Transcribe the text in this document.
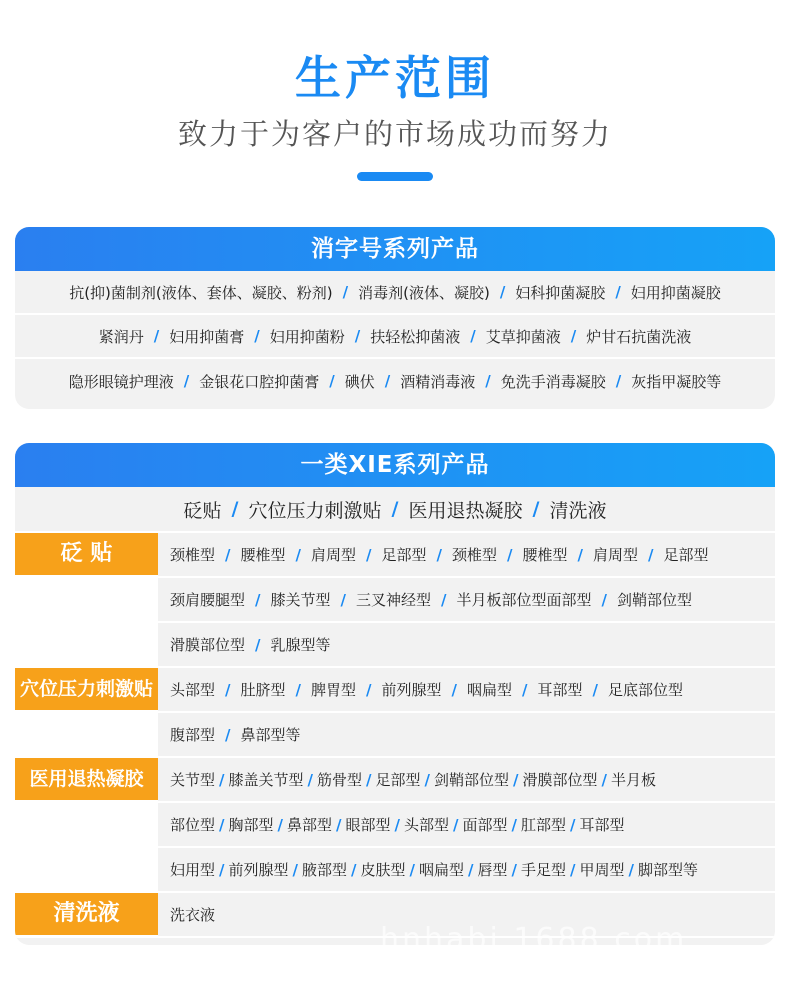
生产范围
致力于为客户的市场成功而努力
消字号系列产品
抗(抑)菌制剂(液体、套体、凝胶、粉剂) / 消毒剂(液体、凝胶) / 妇科抑菌凝胶 / 妇用抑菌凝胶
紧润丹 / 妇用抑菌膏 / 妇用抑菌粉 / 扶轻松抑菌液 / 艾草抑菌液 / 炉甘石抗菌洗液
隐形眼镜护理液 / 金银花口腔抑菌膏 / 碘伏 / 酒精消毒液 / 免洗手消毒凝胶 / 灰指甲凝胶等
一类XIE系列产品
砭贴 / 穴位压力刺激贴 / 医用退热凝胶 / 清洗液
砭 贴	颈椎型 / 腰椎型 / 肩周型 / 足部型 / 颈椎型 / 腰椎型 / 肩周型 / 足部型
颈肩腰腿型 / 膝关节型 / 三叉神经型 / 半月板部位型面部型 / 剑鞘部位型
滑膜部位型 / 乳腺型等
穴位压力刺激贴	头部型 / 肚脐型 / 脾胃型 / 前列腺型 / 咽扁型 / 耳部型 / 足底部位型
腹部型 / 鼻部型等
医用退热凝胶	关节型 / 膝盖关节型 / 筋骨型 / 足部型 / 剑鞘部位型 / 滑膜部位型 / 半月板
部位型 / 胸部型 / 鼻部型 / 眼部型 / 头部型 / 面部型 / 肛部型 / 耳部型
妇用型 / 前列腺型 / 腋部型 / 皮肤型 / 咽扁型 / 唇型 / 手足型 / 甲周型 / 脚部型等
清洗液	洗衣液
hnhabi.1688.com
